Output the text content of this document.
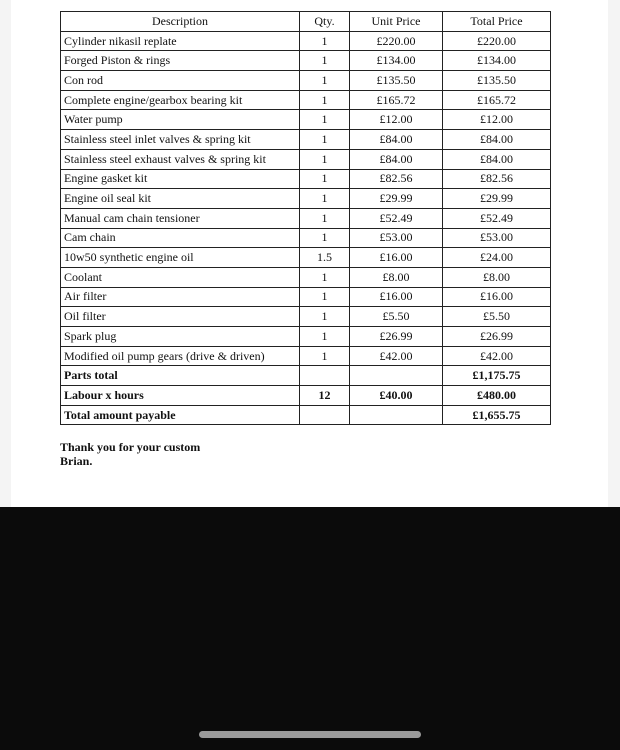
Description	Qty.	Unit Price	Total Price
Cylinder nikasil replate	1	£220.00	£220.00
Forged Piston & rings	1	£134.00	£134.00
Con rod	1	£135.50	£135.50
Complete engine/gearbox bearing kit	1	£165.72	£165.72
Water pump	1	£12.00	£12.00
Stainless steel inlet valves & spring kit	1	£84.00	£84.00
Stainless steel exhaust valves & spring kit	1	£84.00	£84.00
Engine gasket kit	1	£82.56	£82.56
Engine oil seal kit	1	£29.99	£29.99
Manual cam chain tensioner	1	£52.49	£52.49
Cam chain	1	£53.00	£53.00
10w50 synthetic engine oil	1.5	£16.00	£24.00
Coolant	1	£8.00	£8.00
Air filter	1	£16.00	£16.00
Oil filter	1	£5.50	£5.50
Spark plug	1	£26.99	£26.99
Modified oil pump gears (drive & driven)	1	£42.00	£42.00
Parts total			£1,175.75
Labour x hours	12	£40.00	£480.00
Total amount payable			£1,655.75
Thank you for your custom
Brian.
